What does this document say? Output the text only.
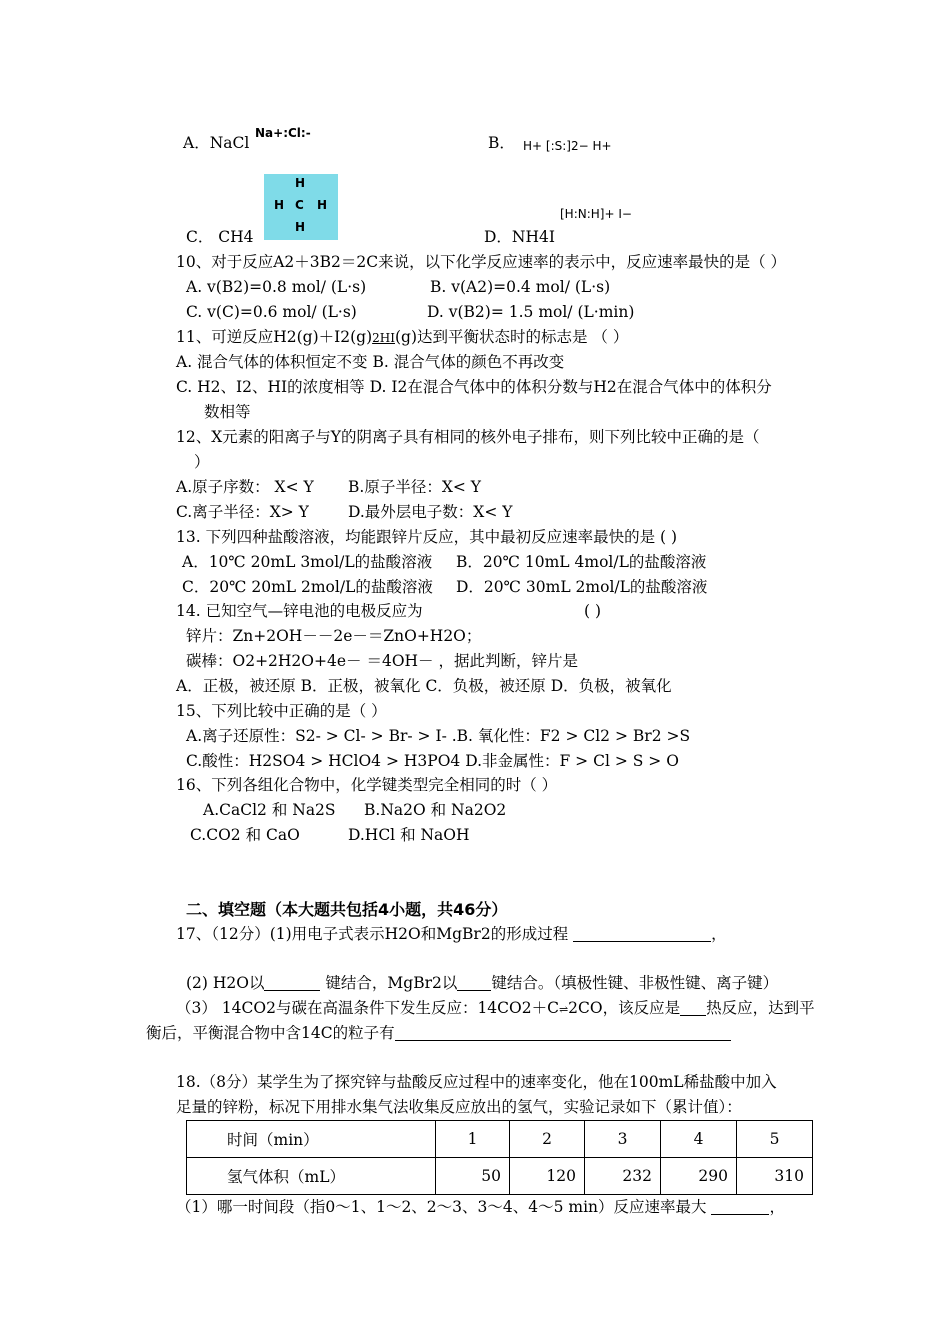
A．NaCl
Na+:Cl:-
B． H+ [:S:]2− H+
H
H C H
H
C． CH4
[H:N:H]+ I−
D．NH4I
10、对于反应A2＋3B2＝2C来说，以下化学反应速率的表示中，反应速率最快的是（ ）
A. v(B2)=0.8 mol/ (L·s)	B. v(A2)=0.4 mol/ (L·s)
C. v(C)=0.6 mol/ (L·s)	D. v(B2)= 1.5 mol/ (L·min)
11、可逆反应H2(g)＋I2(g)2HI(g)达到平衡状态时的标志是 （ ）
A. 混合气体的体积恒定不变 B. 混合气体的颜色不再改变
C. H2、I2、HI的浓度相等 D. I2在混合气体中的体积分数与H2在混合气体中的体积分
数相等
12、X元素的阳离子与Y的阴离子具有相同的核外电子排布，则下列比较中正确的是（
）
A.原子序数： X< Y B.原子半径：X< Y
C.离子半径：X> Y	D.最外层电子数：X< Y
13. 下列四种盐酸溶液，均能跟锌片反应，其中最初反应速率最快的是 ( )
A．10℃ 20mL 3mol/L的盐酸溶液 B．20℃ 10mL 4mol/L的盐酸溶液
C．20℃ 20mL 2mol/L的盐酸溶液 D．20℃ 30mL 2mol/L的盐酸溶液
14. 已知空气—锌电池的电极反应为	( )
锌片：Zn+2OH－－2e－＝ZnO+H2O；
碳棒：O2+2H2O+4e－ ＝4OH－ ，据此判断，锌片是
A．正极，被还原 B．正极，被氧化 C．负极，被还原 D．负极，被氧化
15、下列比较中正确的是（ ）
A.离子还原性：S2- > Cl- > Br- > I- .B. 氧化性：F2 > Cl2 > Br2 >S
C.酸性：H2SO4 > HClO4 > H3PO4 D.非金属性：F > Cl > S > O
16、下列各组化合物中，化学键类型完全相同的时（ ）
A.CaCl2 和 Na2S B.Na2O 和 Na2O2
C.CO2 和 CaO	D.HCl 和 NaOH
二、填空题（本大题共包括4小题，共46分）
17、（12分）(1)用电子式表示H2O和MgBr2的形成过程	，
(2) H2O以	键结合，MgBr2以 键结合。（填极性键、非极性键、离子键）
（3） 14CO2与碳在高温条件下发生反应：14CO2＋C⇌2CO，该反应是 热反应，达到平
衡后，平衡混合物中含14C的粒子有
18.（8分）某学生为了探究锌与盐酸反应过程中的速率变化，他在100mL稀盐酸中加入
足量的锌粉，标况下用排水集气法收集反应放出的氢气，实验记录如下（累计值）：
时间（min）	1	2	3	4	5
氢气体积（mL）	50	120	232	290	310
（1）哪一时间段（指0～1、1～2、2～3、3～4、4～5 min）反应速率最大	，
